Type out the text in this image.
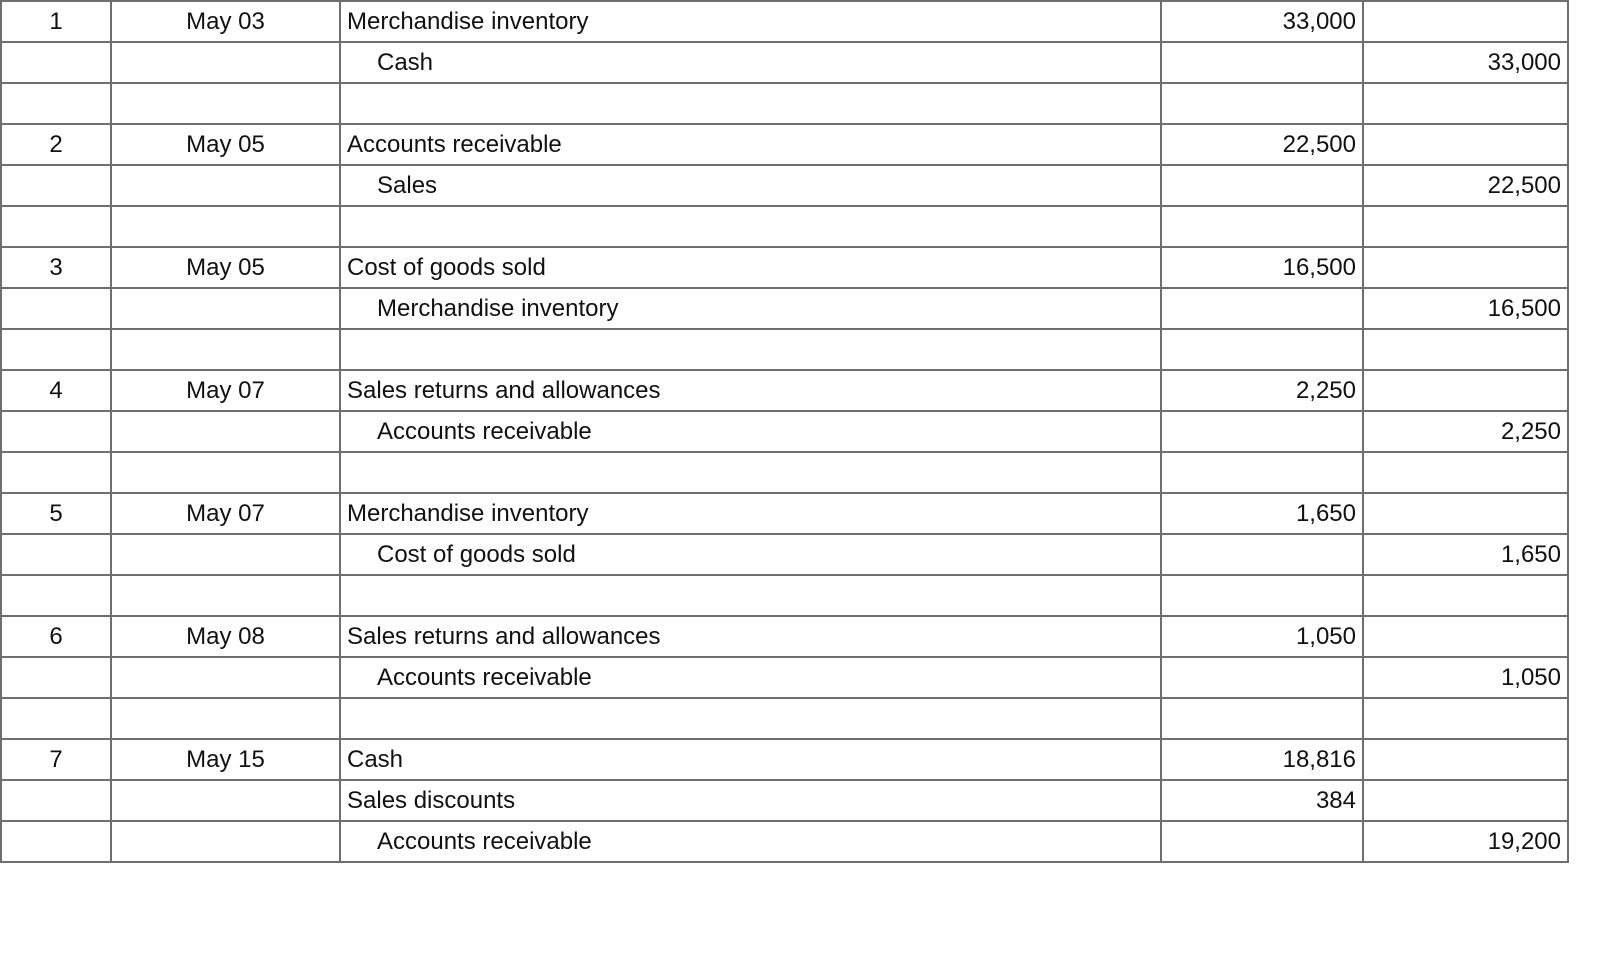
1	May 03	Merchandise inventory	33,000	
		Cash		33,000

2	May 05	Accounts receivable	22,500	
		Sales		22,500

3	May 05	Cost of goods sold	16,500	
		Merchandise inventory		16,500

4	May 07	Sales returns and allowances	2,250	
		Accounts receivable		2,250

5	May 07	Merchandise inventory	1,650	
		Cost of goods sold		1,650

6	May 08	Sales returns and allowances	1,050	
		Accounts receivable		1,050

7	May 15	Cash	18,816	
		Sales discounts	384	
		Accounts receivable		19,200
